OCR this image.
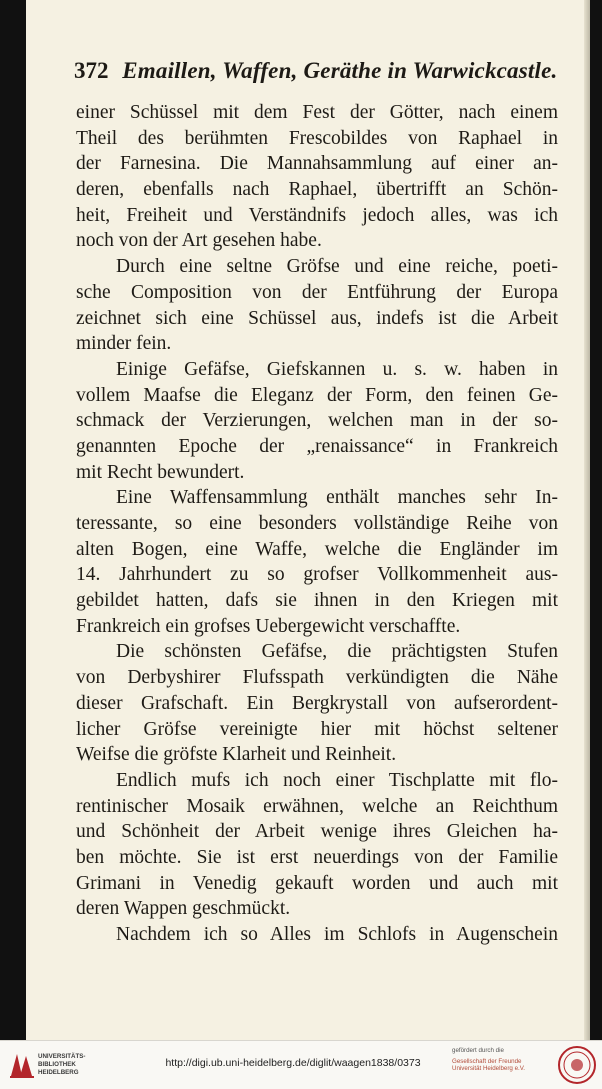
372 Emaillen, Waffen, Geräthe in Warwickcastle.
einer Schüssel mit dem Fest der Götter, nach einem
Theil des berühmten Frescobildes von Raphael in
der Farnesina. Die Mannahsammlung auf einer an-
deren, ebenfalls nach Raphael, übertrifft an Schön-
heit, Freiheit und Verständnifs jedoch alles, was ich
noch von der Art gesehen habe.
Durch eine seltne Gröfse und eine reiche, poeti-
sche Composition von der Entführung der Europa
zeichnet sich eine Schüssel aus, indefs ist die Arbeit
minder fein.
Einige Gefäfse, Giefskannen u. s. w. haben in
vollem Maafse die Eleganz der Form, den feinen Ge-
schmack der Verzierungen, welchen man in der so-
genannten Epoche der „renaissance“ in Frankreich
mit Recht bewundert.
Eine Waffensammlung enthält manches sehr In-
teressante, so eine besonders vollständige Reihe von
alten Bogen, eine Waffe, welche die Engländer im
14. Jahrhundert zu so grofser Vollkommenheit aus-
gebildet hatten, dafs sie ihnen in den Kriegen mit
Frankreich ein grofses Uebergewicht verschaffte.
Die schönsten Gefäfse, die prächtigsten Stufen
von Derbyshirer Flufsspath verkündigten die Nähe
dieser Grafschaft. Ein Bergkrystall von aufserordent-
licher Gröfse vereinigte hier mit höchst seltener
Weifse die gröfste Klarheit und Reinheit.
Endlich mufs ich noch einer Tischplatte mit flo-
rentinischer Mosaik erwähnen, welche an Reichthum
und Schönheit der Arbeit wenige ihres Gleichen ha-
ben möchte. Sie ist erst neuerdings von der Familie
Grimani in Venedig gekauft worden und auch mit
deren Wappen geschmückt.
Nachdem ich so Alles im Schlofs in Augenschein
UNIVERSITÄTS-
BIBLIOTHEK
HEIDELBERG
http://digi.ub.uni-heidelberg.de/diglit/waagen1838/0373
gefördert durch die
Gesellschaft der Freunde
Universität Heidelberg e.V.
